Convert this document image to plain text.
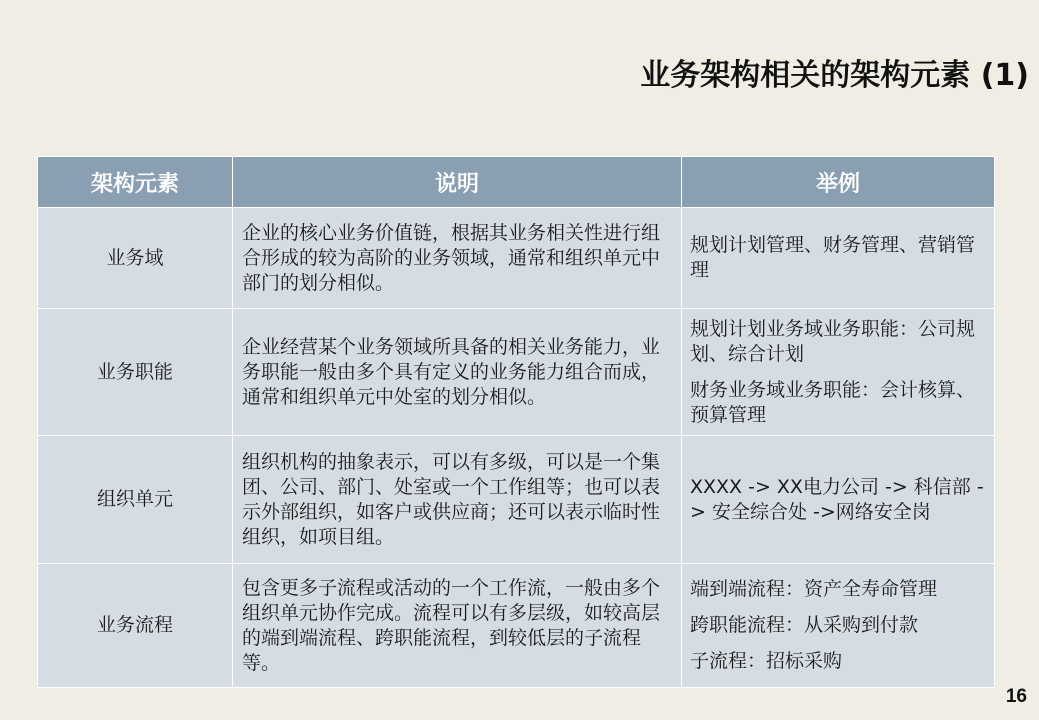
业务架构相关的架构元素 (1)
架构元素	说明	举例
业务域	企业的核心业务价值链，根据其业务相关性进行组合形成的较为高阶的业务领域，通常和组织单元中部门的划分相似。	规划计划管理、财务管理、营销管理

业务职能	企业经营某个业务领域所具备的相关业务能力，业务职能一般由多个具有定义的业务能力组合而成，通常和组织单元中处室的划分相似。	规划计划业务域业务职能：公司规划、综合计划
财务业务域业务职能：会计核算、预算管理

组织单元	组织机构的抽象表示，可以有多级，可以是一个集团、公司、部门、处室或一个工作组等；也可以表示外部组织，如客户或供应商；还可以表示临时性组织，如项目组。	XXXX -> XX电力公司 -> 科信部 -> 安全综合处 ->网络安全岗

业务流程	包含更多子流程或活动的一个工作流，一般由多个组织单元协作完成。流程可以有多层级，如较高层的端到端流程、跨职能流程，到较低层的子流程等。	端到端流程：资产全寿命管理
跨职能流程：从采购到付款
子流程：招标采购
16
